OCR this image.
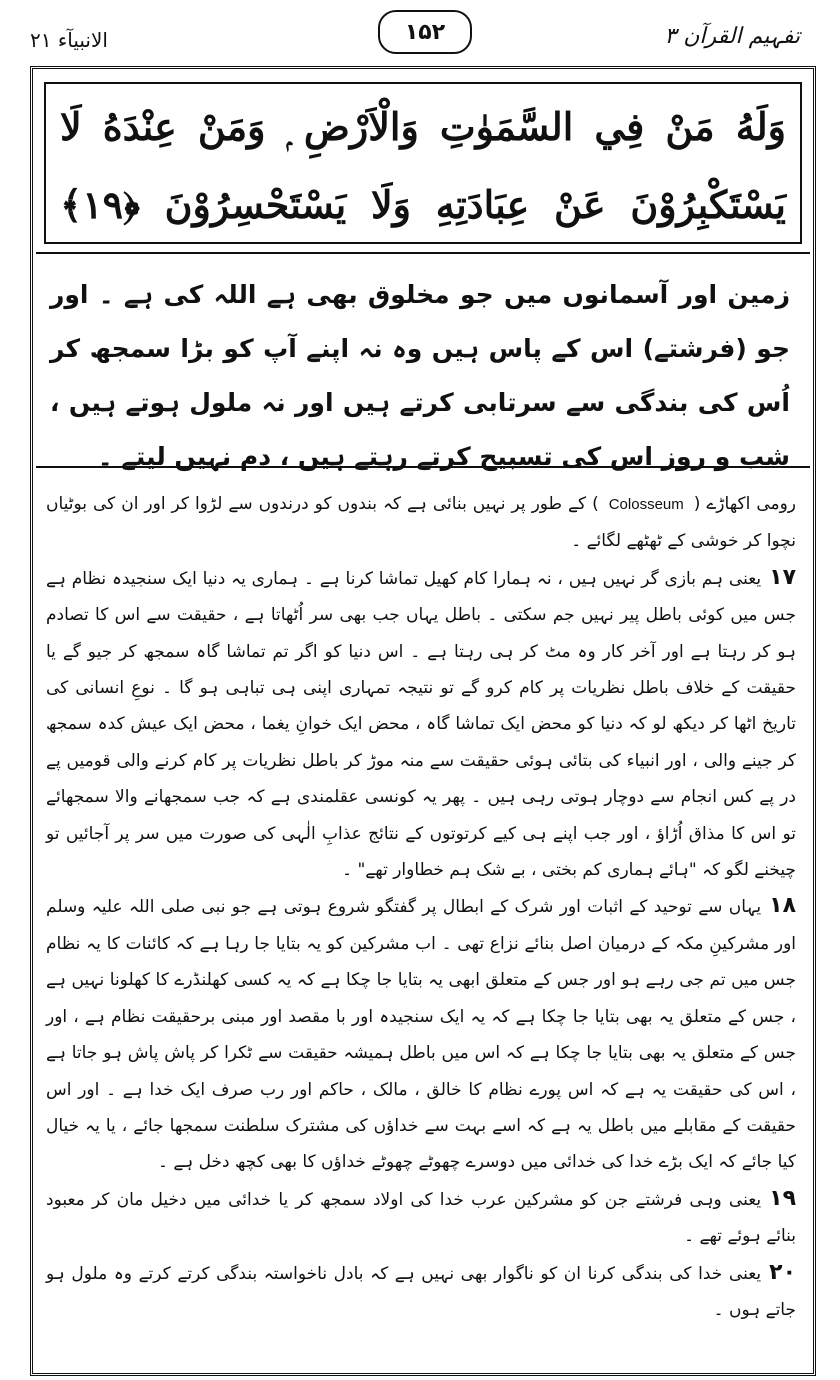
الانبیآء ۲۱	۱۵۲	تفہیم القرآن ۳
وَلَهُ مَنْ فِي السَّمَوٰتِ وَالْاَرْضِ ۭ وَمَنْ عِنْدَهُ لَا يَسْتَكْبِرُوْنَ عَنْ عِبَادَتِهِ وَلَا يَسْتَحْسِرُوْنَ ﴿۱۹﴾
زمین اور آسمانوں میں جو مخلوق بھی ہے اللہ کی ہے ۔ اور جو (فرشتے) اس کے پاس ہیں وہ نہ اپنے آپ کو بڑا سمجھ کر اُس کی بندگی سے سرتابی کرتے ہیں اور نہ ملول ہوتے ہیں ، شب و روز اس کی تسبیح کرتے رہتے ہیں ، دم نہیں لیتے ۔

رومی اکھاڑے (Colosseum) کے طور پر نہیں بنائی ہے کہ بندوں کو درندوں سے لڑوا کر اور ان کی بوٹیاں نچوا کر خوشی کے ٹھٹھے لگائے ۔

۱۷یعنی ہم بازی گر نہیں ہیں ، نہ ہمارا کام کھیل تماشا کرنا ہے ۔ ہماری یہ دنیا ایک سنجیدہ نظام ہے جس میں کوئی باطل پیر نہیں جم سکتی ۔ باطل یہاں جب بھی سر اُٹھاتا ہے ، حقیقت سے اس کا تصادم ہو کر رہتا ہے اور آخر کار وہ مٹ کر ہی رہتا ہے ۔ اس دنیا کو اگر تم تماشا گاہ سمجھ کر جیو گے یا حقیقت کے خلاف باطل نظریات پر کام کرو گے تو نتیجہ تمہاری اپنی ہی تباہی ہو گا ۔ نوعِ انسانی کی تاریخ اٹھا کر دیکھ لو کہ دنیا کو محض ایک تماشا گاہ ، محض ایک خوانِ یغما ، محض ایک عیش کدہ سمجھ کر جینے والی ، اور انبیاء کی بتائی ہوئی حقیقت سے منہ موڑ کر باطل نظریات پر کام کرنے والی قومیں پے در پے کس انجام سے دوچار ہوتی رہی ہیں ۔ پھر یہ کونسی عقلمندی ہے کہ جب سمجھانے والا سمجھائے تو اس کا مذاق اُڑاؤ ، اور جب اپنے ہی کیے کرتوتوں کے نتائج عذابِ الٰہی کی صورت میں سر پر آجائیں تو چیخنے لگو کہ "ہائے ہماری کم بختی ، بے شک ہم خطاوار تھے" ۔

۱۸یہاں سے توحید کے اثبات اور شرک کے ابطال پر گفتگو شروع ہوتی ہے جو نبی صلی اللہ علیہ وسلم اور مشرکینِ مکہ کے درمیان اصل بنائے نزاع تھی ۔ اب مشرکین کو یہ بتایا جا رہا ہے کہ کائنات کا یہ نظام جس میں تم جی رہے ہو اور جس کے متعلق ابھی یہ بتایا جا چکا ہے کہ یہ کسی کھلنڈرے کا کھلونا نہیں ہے ، جس کے متعلق یہ بھی بتایا جا چکا ہے کہ یہ ایک سنجیدہ اور با مقصد اور مبنی برحقیقت نظام ہے ، اور جس کے متعلق یہ بھی بتایا جا چکا ہے کہ اس میں باطل ہمیشہ حقیقت سے ٹکرا کر پاش پاش ہو جاتا ہے ، اس کی حقیقت یہ ہے کہ اس پورے نظام کا خالق ، مالک ، حاکم اور رب صرف ایک خدا ہے ۔ اور اس حقیقت کے مقابلے میں باطل یہ ہے کہ اسے بہت سے خداؤں کی مشترک سلطنت سمجھا جائے ، یا یہ خیال کیا جائے کہ ایک بڑے خدا کی خدائی میں دوسرے چھوٹے چھوٹے خداؤں کا بھی کچھ دخل ہے ۔

۱۹یعنی وہی فرشتے جن کو مشرکین عرب خدا کی اولاد سمجھ کر یا خدائی میں دخیل مان کر معبود بنائے ہوئے تھے ۔

۲۰یعنی خدا کی بندگی کرنا ان کو ناگوار بھی نہیں ہے کہ بادل ناخواستہ بندگی کرتے کرتے وہ ملول ہو جاتے ہوں ۔
